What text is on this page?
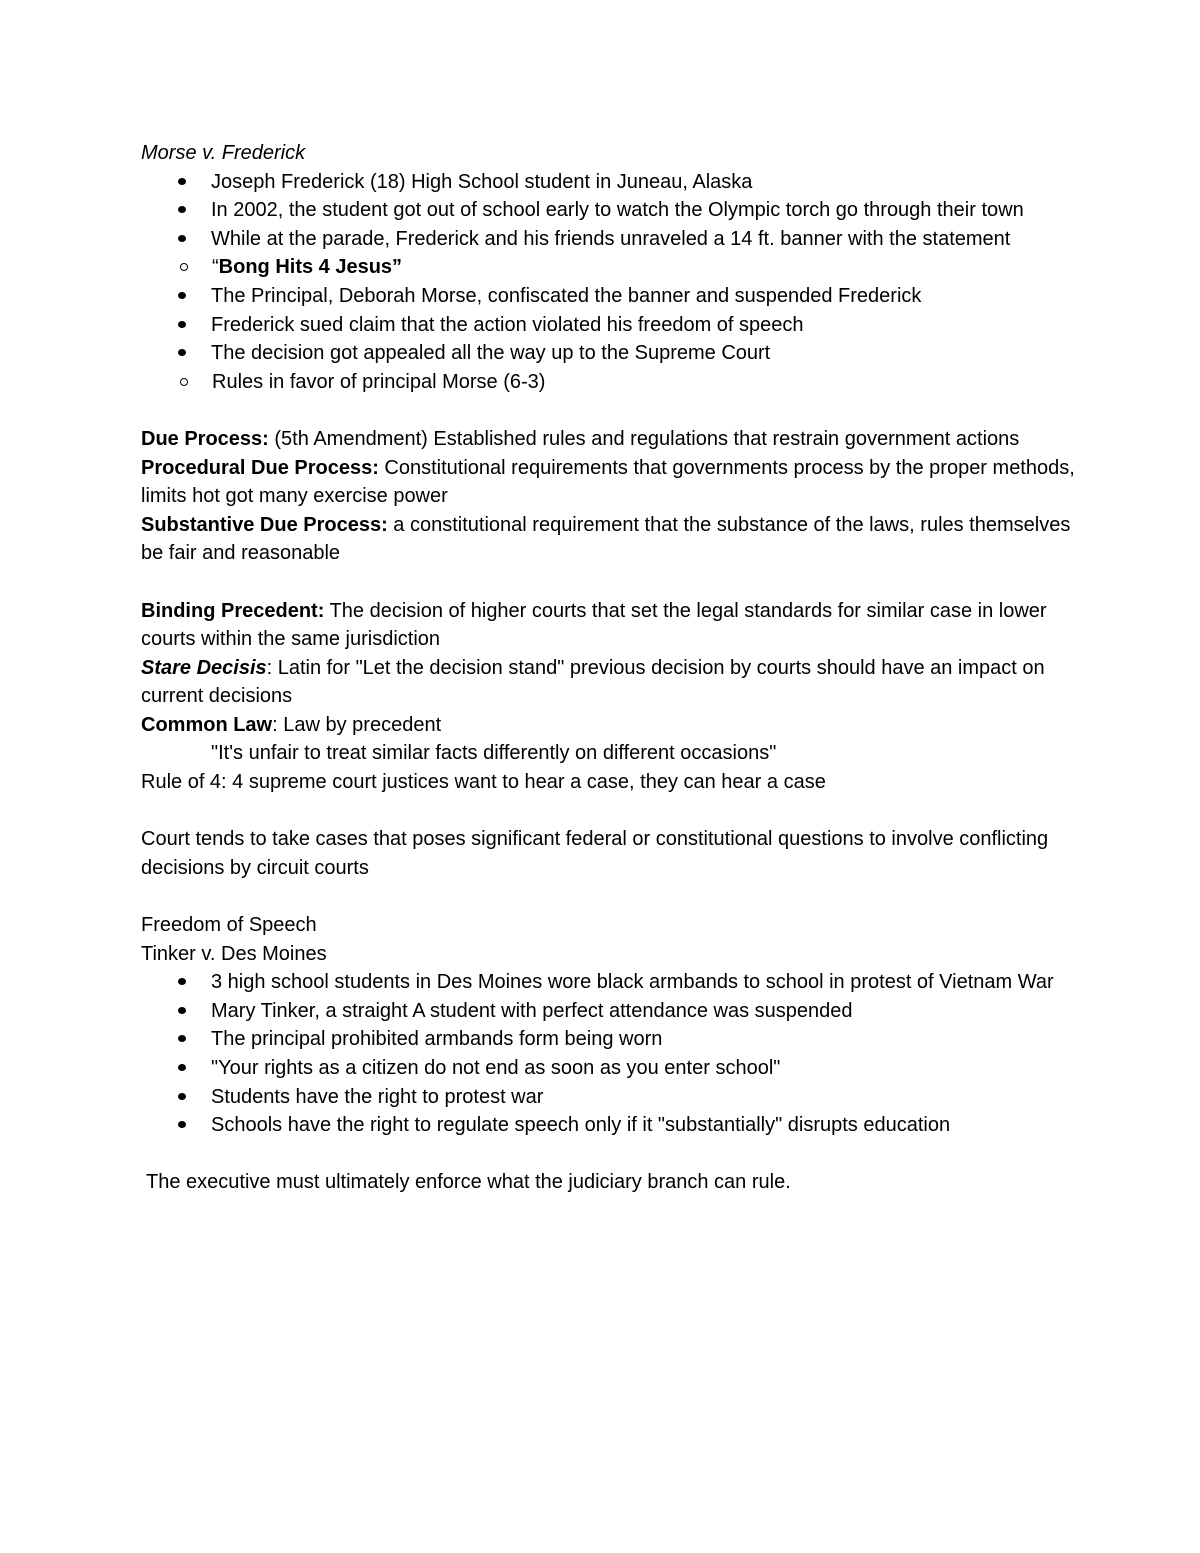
Morse v. Frederick

Joseph Frederick (18) High School student in Juneau, Alaska
In 2002, the student got out of school early to watch the Olympic torch go through their town
While at the parade, Frederick and his friends unraveled a 14 ft. banner with the statement
“Bong Hits 4 Jesus”
The Principal, Deborah Morse, confiscated the banner and suspended Frederick
Frederick sued claim that the action violated his freedom of speech
The decision got appealed all the way up to the Supreme Court
Rules in favor of principal Morse (6-3)

Due Process: (5th Amendment) Established rules and regulations that restrain government actions

Procedural Due Process: Constitutional requirements that governments process by the proper methods, limits hot got many exercise power

Substantive Due Process: a constitutional requirement that the substance of the laws, rules themselves be fair and reasonable

Binding Precedent: The decision of higher courts that set the legal standards for similar case in lower courts within the same jurisdiction

Stare Decisis: Latin for "Let the decision stand" previous decision by courts should have an impact on current decisions

Common Law: Law by precedent

"It's unfair to treat similar facts differently on different occasions"

Rule of 4: 4 supreme court justices want to hear a case, they can hear a case

Court tends to take cases that poses significant federal or constitutional questions to involve conflicting decisions by circuit courts

Freedom of Speech

Tinker v. Des Moines

3 high school students in Des Moines wore black armbands to school in protest of Vietnam War
Mary Tinker, a straight A student with perfect attendance was suspended
The principal prohibited armbands form being worn
"Your rights as a citizen do not end as soon as you enter school"
Students have the right to protest war
Schools have the right to regulate speech only if it "substantially" disrupts education

The executive must ultimately enforce what the judiciary branch can rule.
